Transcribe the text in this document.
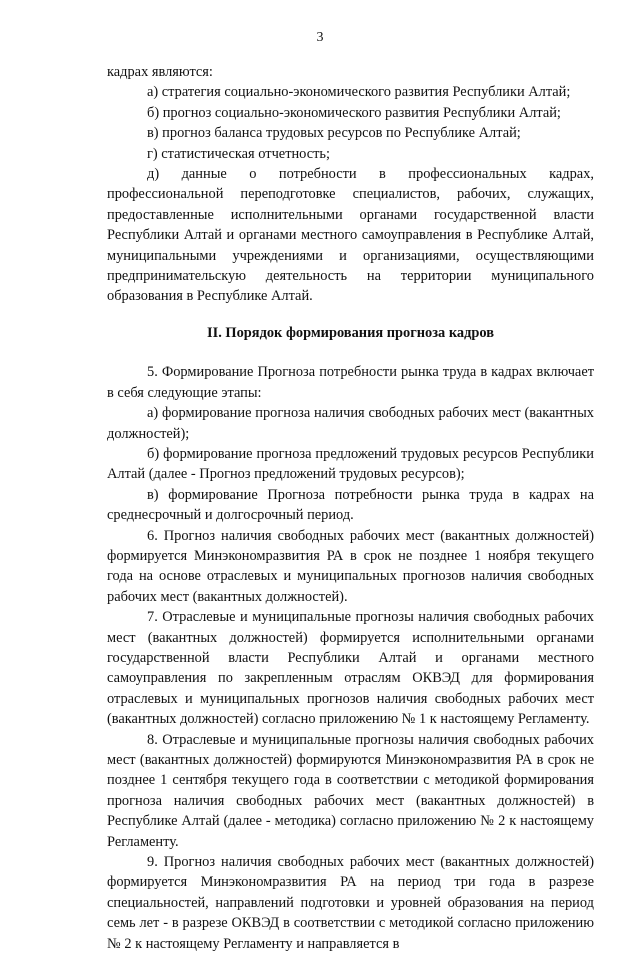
3

кадрах являются:

а) стратегия социально-экономического развития Республики Алтай;

б) прогноз социально-экономического развития Республики Алтай;

в) прогноз баланса трудовых ресурсов по Республике Алтай;

г) статистическая отчетность;

д) данные о потребности в профессиональных кадрах, профессиональной переподготовке специалистов, рабочих, служащих, предоставленные исполнительными органами государственной власти Республики Алтай и органами местного самоуправления в Республике Алтай, муниципальными учреждениями и организациями, осуществляющими предпринимательскую деятельность на территории муниципального образования в Республике Алтай.

II. Порядок формирования прогноза кадров

5. Формирование Прогноза потребности рынка труда в кадрах включает в себя следующие этапы:

а) формирование прогноза наличия свободных рабочих мест (вакантных должностей);

б) формирование прогноза предложений трудовых ресурсов Республики Алтай (далее - Прогноз предложений трудовых ресурсов);

в) формирование Прогноза потребности рынка труда в кадрах на среднесрочный и долгосрочный период.

6. Прогноз наличия свободных рабочих мест (вакантных должностей) формируется Минэкономразвития РА в срок не позднее 1 ноября текущего года на основе отраслевых и муниципальных прогнозов наличия свободных рабочих мест (вакантных должностей).

7. Отраслевые и муниципальные прогнозы наличия свободных рабочих мест (вакантных должностей) формируется исполнительными органами государственной власти Республики Алтай и органами местного самоуправления по закрепленным отраслям ОКВЭД для формирования отраслевых и муниципальных прогнозов наличия свободных рабочих мест (вакантных должностей) согласно приложению № 1 к настоящему Регламенту.

8. Отраслевые и муниципальные прогнозы наличия свободных рабочих мест (вакантных должностей) формируются Минэкономразвития РА в срок не позднее 1 сентября текущего года в соответствии с методикой формирования прогноза наличия свободных рабочих мест (вакантных должностей) в Республике Алтай (далее - методика) согласно приложению № 2 к настоящему Регламенту.

9. Прогноз наличия свободных рабочих мест (вакантных должностей) формируется Минэкономразвития РА на период три года в разрезе специальностей, направлений подготовки и уровней образования на период семь лет - в разрезе ОКВЭД в соответствии с методикой согласно приложению № 2 к настоящему Регламенту и направляется в
